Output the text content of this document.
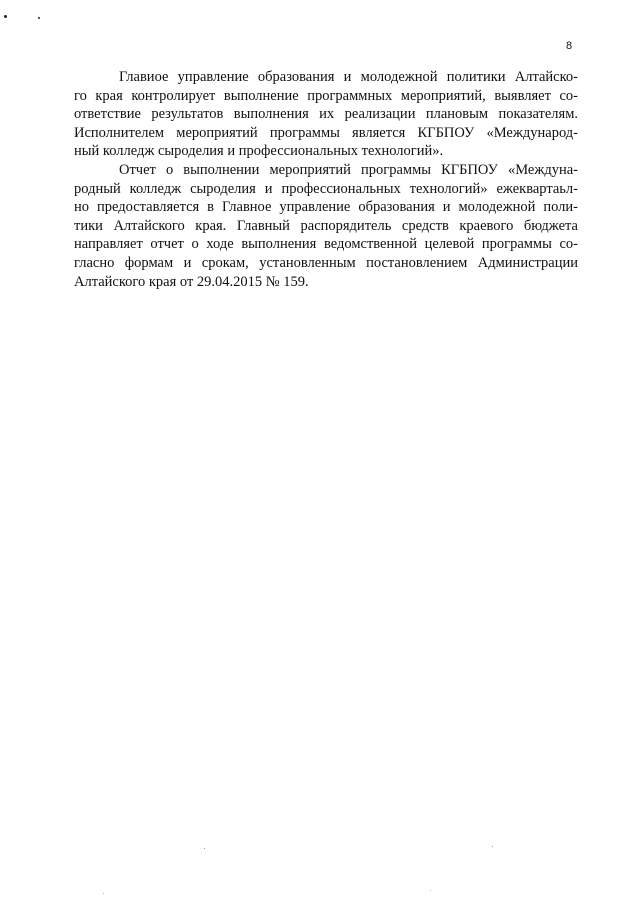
8
Главиое управление образования и молодежной политики Алтайско-
го края контролирует выполнение программных мероприятий, выявляет со-
ответствие результатов выполнения их реализации плановым показателям.
Исполнителем мероприятий программы является КГБПОУ «Международ-
ный колледж сыроделия и профессиональных технологий».
Отчет о выполнении мероприятий программы КГБПОУ «Междуна-
родный колледж сыроделия и профессиональных технологий» ежеквартаьл-
но предоставляется в Главное управление образования и молодежной поли-
тики Алтайского края. Главный распорядитель средств краевого бюджета
направляет отчет о ходе выполнения ведомственной целевой программы со-
гласно формам и срокам, установленным постановлением Администрации
Алтайского края от 29.04.2015 № 159.
